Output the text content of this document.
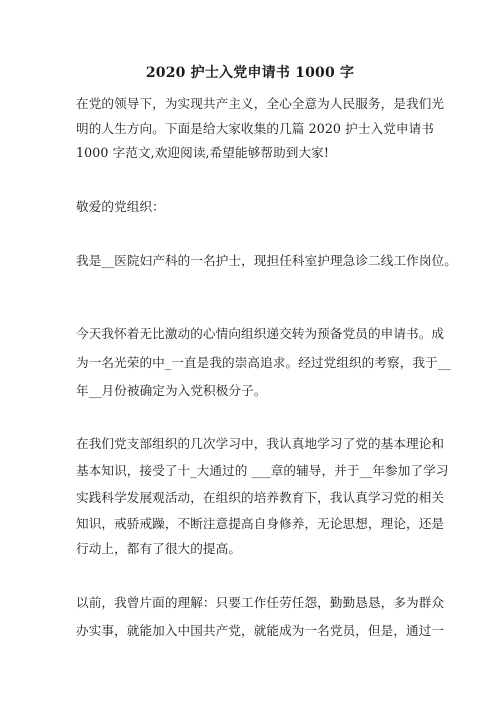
2020 护士入党申请书 1000 字
在党的领导下，为实现共产主义，全心全意为人民服务，是我们光
明的人生方向。下面是给大家收集的几篇 2020 护士入党申请书
1000 字范文,欢迎阅读,希望能够帮助到大家!
敬爱的党组织：
我是__医院妇产科的一名护士，现担任科室护理急诊二线工作岗位。
今天我怀着无比激动的心情向组织递交转为预备党员的申请书。成
为一名光荣的中_一直是我的崇高追求。经过党组织的考察，我于__
年__月份被确定为入党积极分子。
在我们党支部组织的几次学习中，我认真地学习了党的基本理论和
基本知识，接受了十_大通过的 ___章的辅导，并于__年参加了学习
实践科学发展观活动，在组织的培养教育下，我认真学习党的相关
知识，戒骄戒躁，不断注意提高自身修养，无论思想，理论，还是
行动上，都有了很大的提高。
以前，我曾片面的理解：只要工作任劳任怨，勤勤恳恳，多为群众
办实事，就能加入中国共产党，就能成为一名党员，但是，通过一
